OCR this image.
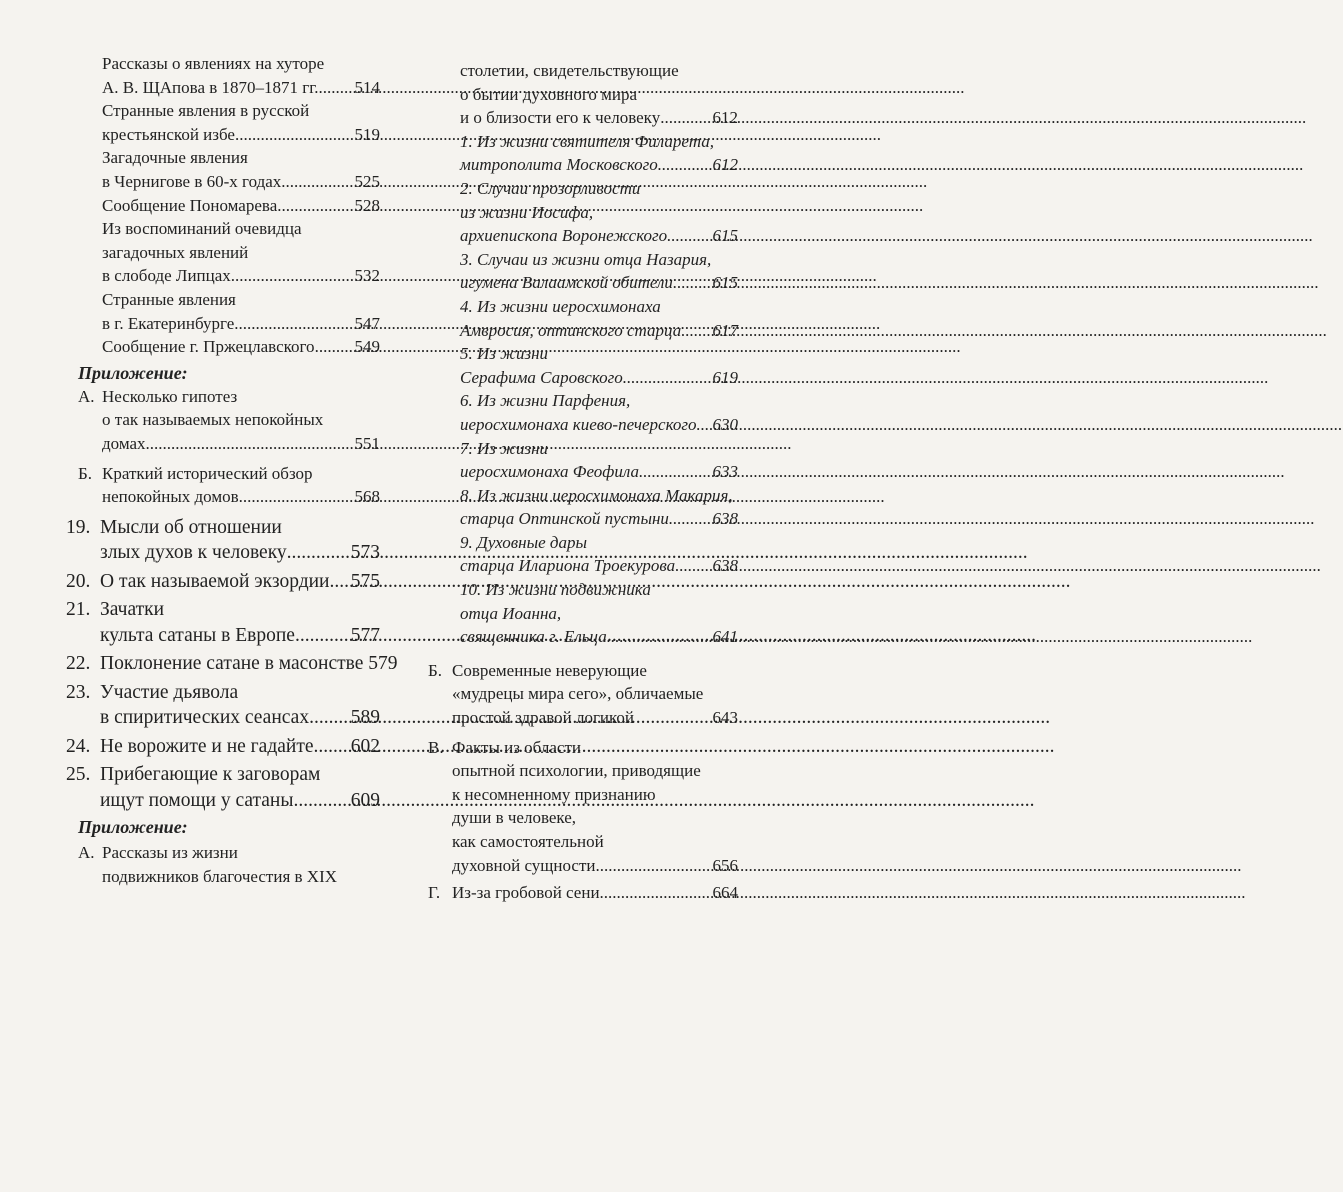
Рассказы о явлениях на хуторе
А. В. ЩАпова в 1870–1871 гг. ..... 514
Странные явления в русской
крестьянской избе .....	519
Загадочные явления
в Чернигове в 60-х годах .....	525
Сообщение Пономарева .....	528
Из воспоминаний очевидца
загадочных явлений
в слободе Липцах .....	532
Странные явления
в г. Екатеринбурге .....	547
Сообщение г. Пржецлавского ..... 549
Приложение:
А. Несколько гипотез
о так называемых непокойных
домах .....	551
Б. Краткий исторический обзор
непокойных домов .....	568
19. Мысли об отношении
злых духов к человеку .....	573
20. О так называемой экзордии ..... 575
21. Зачатки
культа сатаны в Европе .....	577
22. Поклонение сатане в масонстве 579
23. Участие дьявола
в спиритических сеансах ..... 589
24. Не ворожите и не гадайте ..... 602
25. Прибегающие к заговорам
ищут помощи у сатаны .....	609
Приложение:
А. Рассказы из жизни
подвижников благочестия в XIX
столетии, свидетельствующие
о бытии духовного мира
и о близости его к человеку .....	612
1. Из жизни святителя Филарета,
митрополита Московского .....	612
2. Случаи прозорливости
из жизни Иосифа,
архиепископа Воронежского .....	615
3. Случаи из жизни отца Назария,
игумена Валаамской обители ..... 615
4. Из жизни иеросхимонаха
Амвросия, оптинского старца ..... 617
5. Из жизни
Серафима Саровского .....	619
6. Из жизни Парфения,
иеросхимонаха киево-печерского ..... 630
7. Из жизни
иеросхимонаха Феофила .....	633
8. Из жизни иеросхимонаха Макария,
старца Оптинской пустыни .....	638
9. Духовные дары
старца Илариона Троекурова ..... 638
10. Из жизни подвижника
отца Иоанна,
священника г. Ельца .....	641
Б. Современные неверующие
«мудрецы мира сего», обличаемые
простой здравой логикой	643
В. Факты из области
опытной психологии, приводящие
к несомненному признанию
души в человеке,
как самостоятельной
духовной сущности .....	656
Г. Из-за гробовой сени .....	664
